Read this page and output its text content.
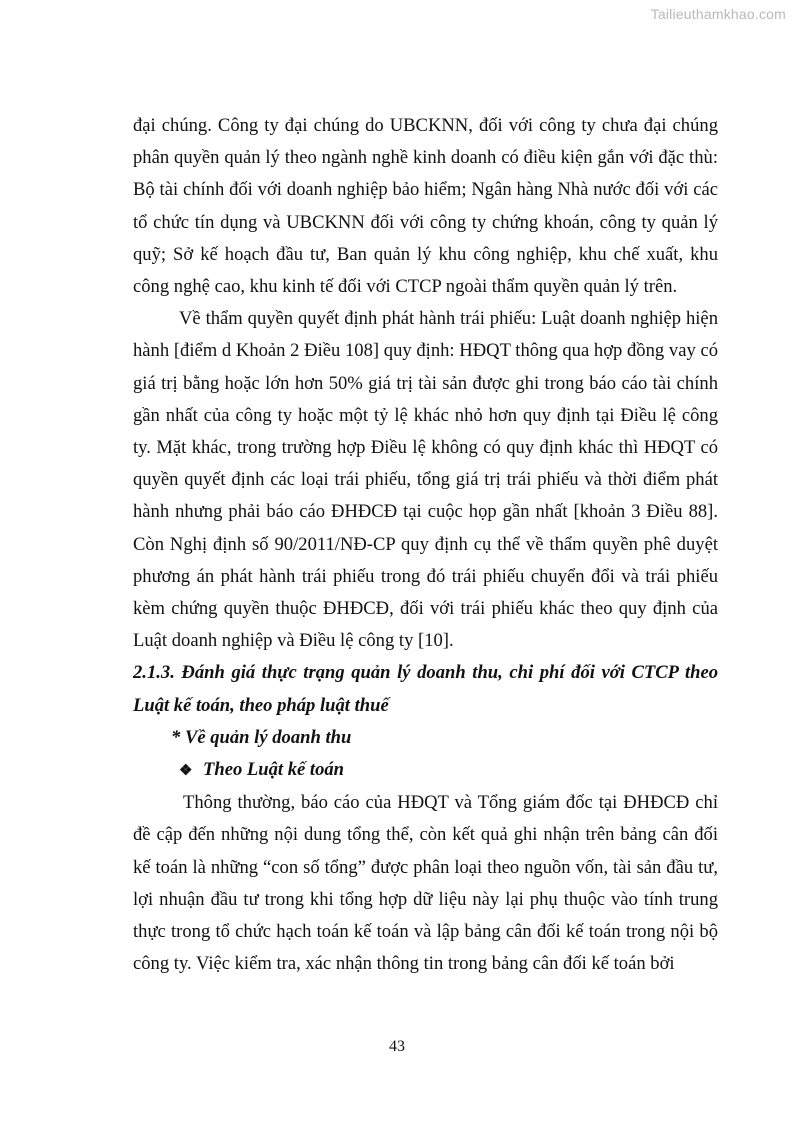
Tailieuthamkhao.com

đại chúng. Công ty đại chúng do UBCKNN, đối với công ty chưa đại chúng phân quyền quản lý theo ngành nghề kinh doanh có điều kiện gắn với đặc thù: Bộ tài chính đối với doanh nghiệp bảo hiểm; Ngân hàng Nhà nước đối với các tổ chức tín dụng và UBCKNN đối với công ty chứng khoán, công ty quản lý quỹ; Sở kế hoạch đầu tư, Ban quản lý khu công nghiệp, khu chế xuất, khu công nghệ cao, khu kinh tế đối với CTCP ngoài thẩm quyền quản lý trên.

Về thẩm quyền quyết định phát hành trái phiếu: Luật doanh nghiệp hiện hành [điểm d Khoản 2 Điều 108] quy định: HĐQT thông qua hợp đồng vay có giá trị bằng hoặc lớn hơn 50% giá trị tài sản được ghi trong báo cáo tài chính gần nhất của công ty hoặc một tỷ lệ khác nhỏ hơn quy định tại Điều lệ công ty. Mặt khác, trong trường hợp Điều lệ không có quy định khác thì HĐQT có quyền quyết định các loại trái phiếu, tổng giá trị trái phiếu và thời điểm phát hành nhưng phải báo cáo ĐHĐCĐ tại cuộc họp gần nhất [khoản 3 Điều 88]. Còn Nghị định số 90/2011/NĐ-CP quy định cụ thể về thẩm quyền phê duyệt phương án phát hành trái phiếu trong đó trái phiếu chuyển đổi và trái phiếu kèm chứng quyền thuộc ĐHĐCĐ, đối với trái phiếu khác theo quy định của Luật doanh nghiệp và Điều lệ công ty [10].

2.1.3. Đánh giá thực trạng quản lý doanh thu, chi phí đối với CTCP theo Luật kế toán, theo pháp luật thuế

* Về quản lý doanh thu

❖ Theo Luật kế toán

Thông thường, báo cáo của HĐQT và Tổng giám đốc tại ĐHĐCĐ chỉ đề cập đến những nội dung tổng thể, còn kết quả ghi nhận trên bảng cân đối kế toán là những “con số tổng” được phân loại theo nguồn vốn, tài sản đầu tư, lợi nhuận đầu tư trong khi tổng hợp dữ liệu này lại phụ thuộc vào tính trung thực trong tổ chức hạch toán kế toán và lập bảng cân đối kế toán trong nội bộ công ty. Việc kiểm tra, xác nhận thông tin trong bảng cân đối kế toán bởi

43
